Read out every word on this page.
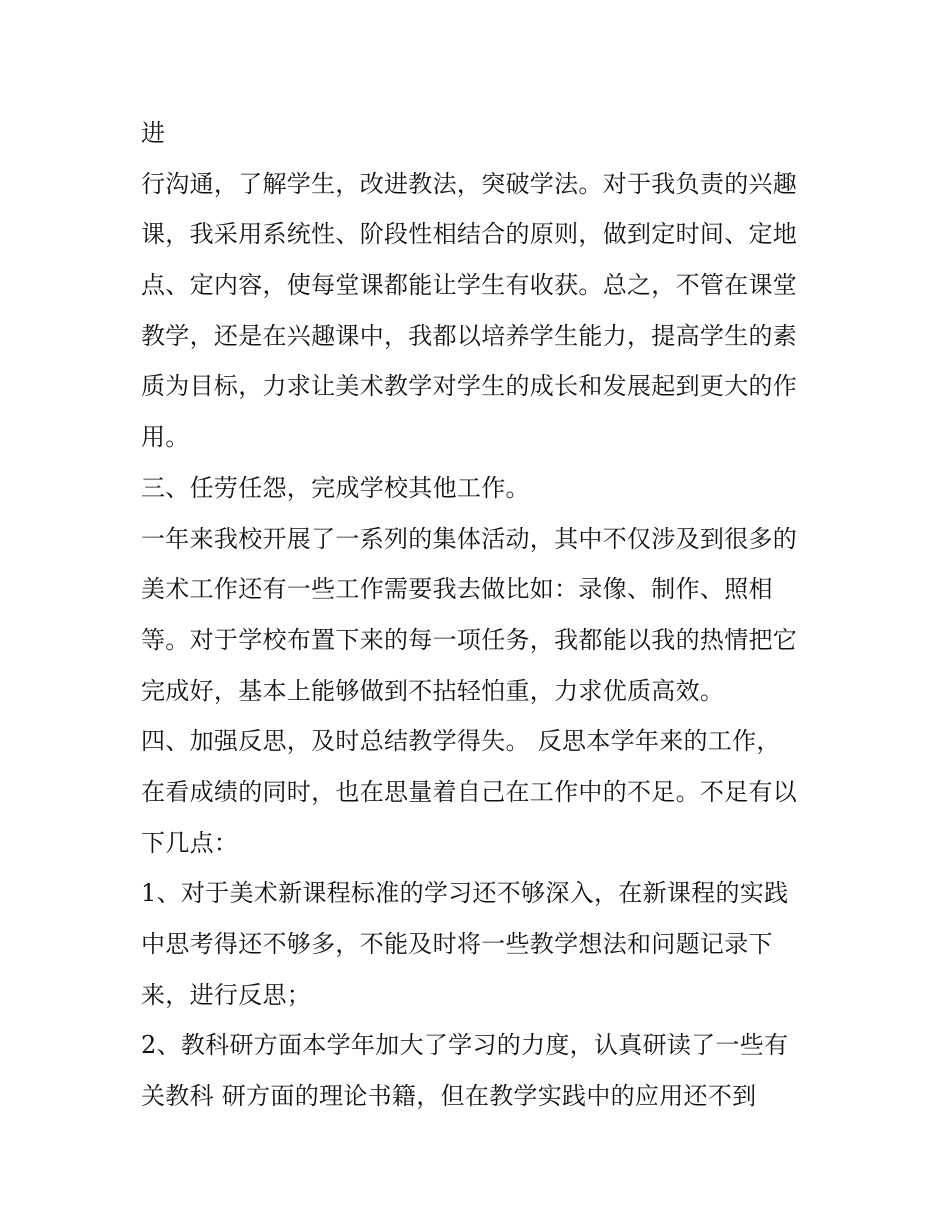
进
行沟通，了解学生，改进教法，突破学法。对于我负责的兴趣
课，我采用系统性、阶段性相结合的原则，做到定时间、定地
点、定内容，使每堂课都能让学生有收获。总之，不管在课堂
教学，还是在兴趣课中，我都以培养学生能力，提高学生的素
质为目标，力求让美术教学对学生的成长和发展起到更大的作
用。
三、任劳任怨，完成学校其他工作。
一年来我校开展了一系列的集体活动，其中不仅涉及到很多的
美术工作还有一些工作需要我去做比如：录像、制作、照相
等。对于学校布置下来的每一项任务，我都能以我的热情把它
完成好，基本上能够做到不拈轻怕重，力求优质高效。
四、加强反思，及时总结教学得失。 反思本学年来的工作，
在看成绩的同时，也在思量着自己在工作中的不足。不足有以
下几点：
1、对于美术新课程标准的学习还不够深入，在新课程的实践
中思考得还不够多，不能及时将一些教学想法和问题记录下
来，进行反思；
2、教科研方面本学年加大了学习的力度，认真研读了一些有
关教科 研方面的理论书籍，但在教学实践中的应用还不到
